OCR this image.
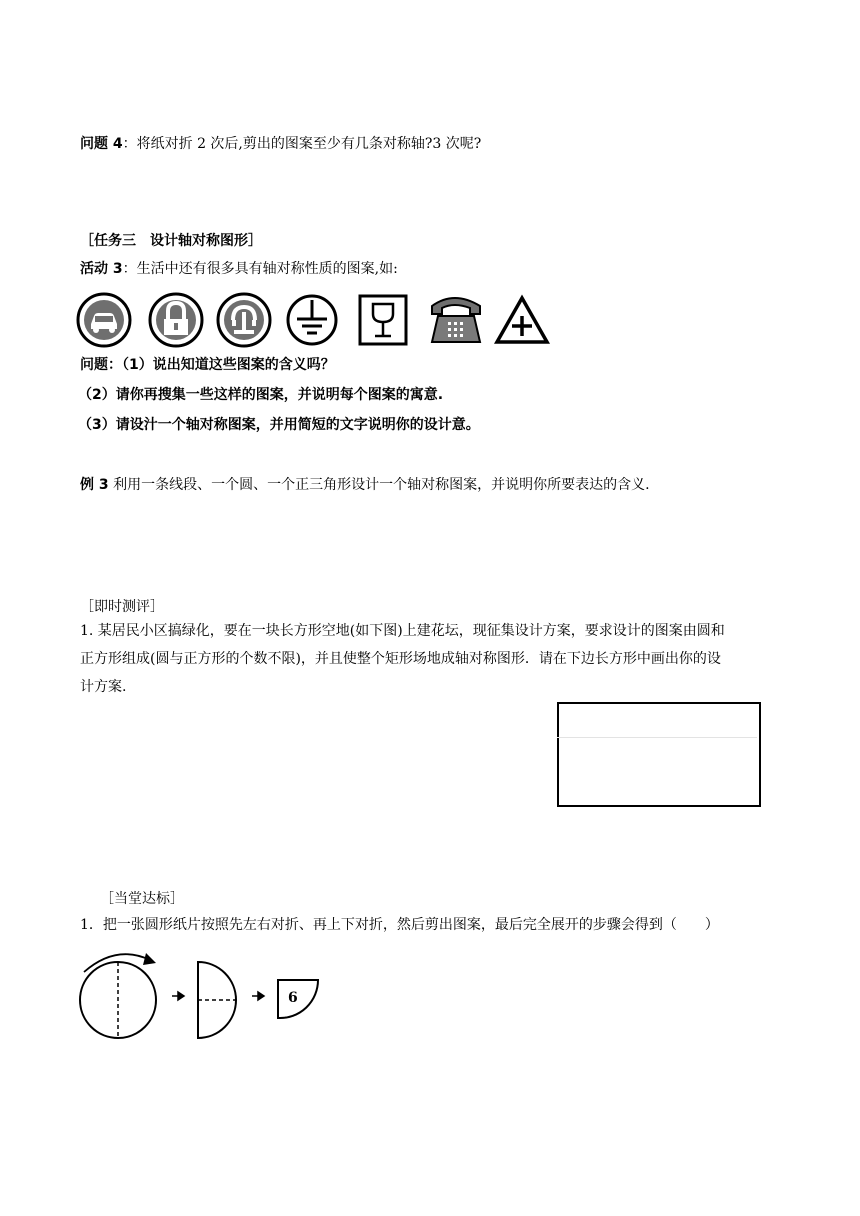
问题 4：将纸对折 2 次后,剪出的图案至少有几条对称轴?3 次呢?
［任务三　设计轴对称图形］
活动 3：生活中还有很多具有轴对称性质的图案,如:
问题：（1）说出知道这些图案的含义吗？
（2）请你再搜集一些这样的图案，并说明每个图案的寓意.
（3）请设汁一个轴对称图案，并用简短的文字说明你的设计意。
例 3 利用一条线段、一个圆、一个正三角形设计一个轴对称图案，并说明你所要表达的含义.
［即时测评］
1. 某居民小区搞绿化，要在一块长方形空地(如下图)上建花坛，现征集设计方案，要求设计的图案由圆和
正方形组成(圆与正方形的个数不限)，并且使整个矩形场地成轴对称图形．请在下边长方形中画出你的设
计方案.
［当堂达标］
1．把一张圆形纸片按照先左右对折、再上下对折，然后剪出图案，最后完全展开的步骤会得到（　　）
6
